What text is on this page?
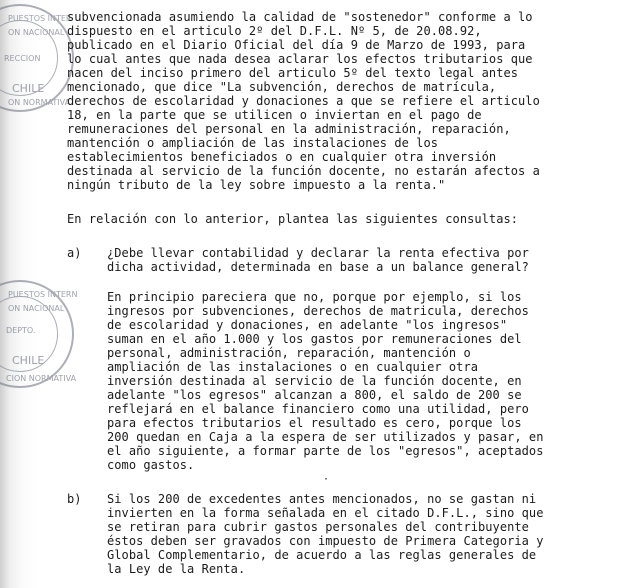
PUESTOS INTER
ON NACIONAL
RECCION
CHILE
ON NORMATIVA
PUESTOS INTERN
ON NACIONAL
DEPTO.
CHILE
CION NORMATIVA
subvencionada asumiendo la calidad de "sostenedor" conforme a lo
dispuesto en el articulo 2º del D.F.L. Nº 5, de 20.08.92,
publicado en el Diario Oficial del día 9 de Marzo de 1993, para
lo cual antes que nada desea aclarar los efectos tributarios que
nacen del inciso primero del articulo 5º del texto legal antes
mencionado, que dice "La subvención, derechos de matrícula,
derechos de escolaridad y donaciones a que se refiere el articulo
18, en la parte que se utilicen o inviertan en el pago de
remuneraciones del personal en la administración, reparación,
mantención o ampliación de las instalaciones de los
establecimientos beneficiados o en cualquier otra inversión
destinada al servicio de la función docente, no estarán afectos a
ningún tributo de la ley sobre impuesto a la renta."
En relación con lo anterior, plantea las siguientes consultas:
a) ¿Debe llevar contabilidad y declarar la renta efectiva por
dicha actividad, determinada en base a un balance general?
En principio pareciera que no, porque por ejemplo, si los
ingresos por subvenciones, derechos de matricula, derechos
de escolaridad y donaciones, en adelante "los ingresos"
suman en el año 1.000 y los gastos por remuneraciones del
personal, administración, reparación, mantención o
ampliación de las instalaciones o en cualquier otra
inversión destinada al servicio de la función docente, en
adelante "los egresos" alcanzan a 800, el saldo de 200 se
reflejará en el balance financiero como una utilidad, pero
para efectos tributarios el resultado es cero, porque los
200 quedan en Caja a la espera de ser utilizados y pasar, en
el año siguiente, a formar parte de los "egresos", aceptados
como gastos.
·
b) Si los 200 de excedentes antes mencionados, no se gastan ni
invierten en la forma señalada en el citado D.F.L., sino que
se retiran para cubrir gastos personales del contribuyente
éstos deben ser gravados con impuesto de Primera Categoria y
Global Complementario, de acuerdo a las reglas generales de
la Ley de la Renta.
